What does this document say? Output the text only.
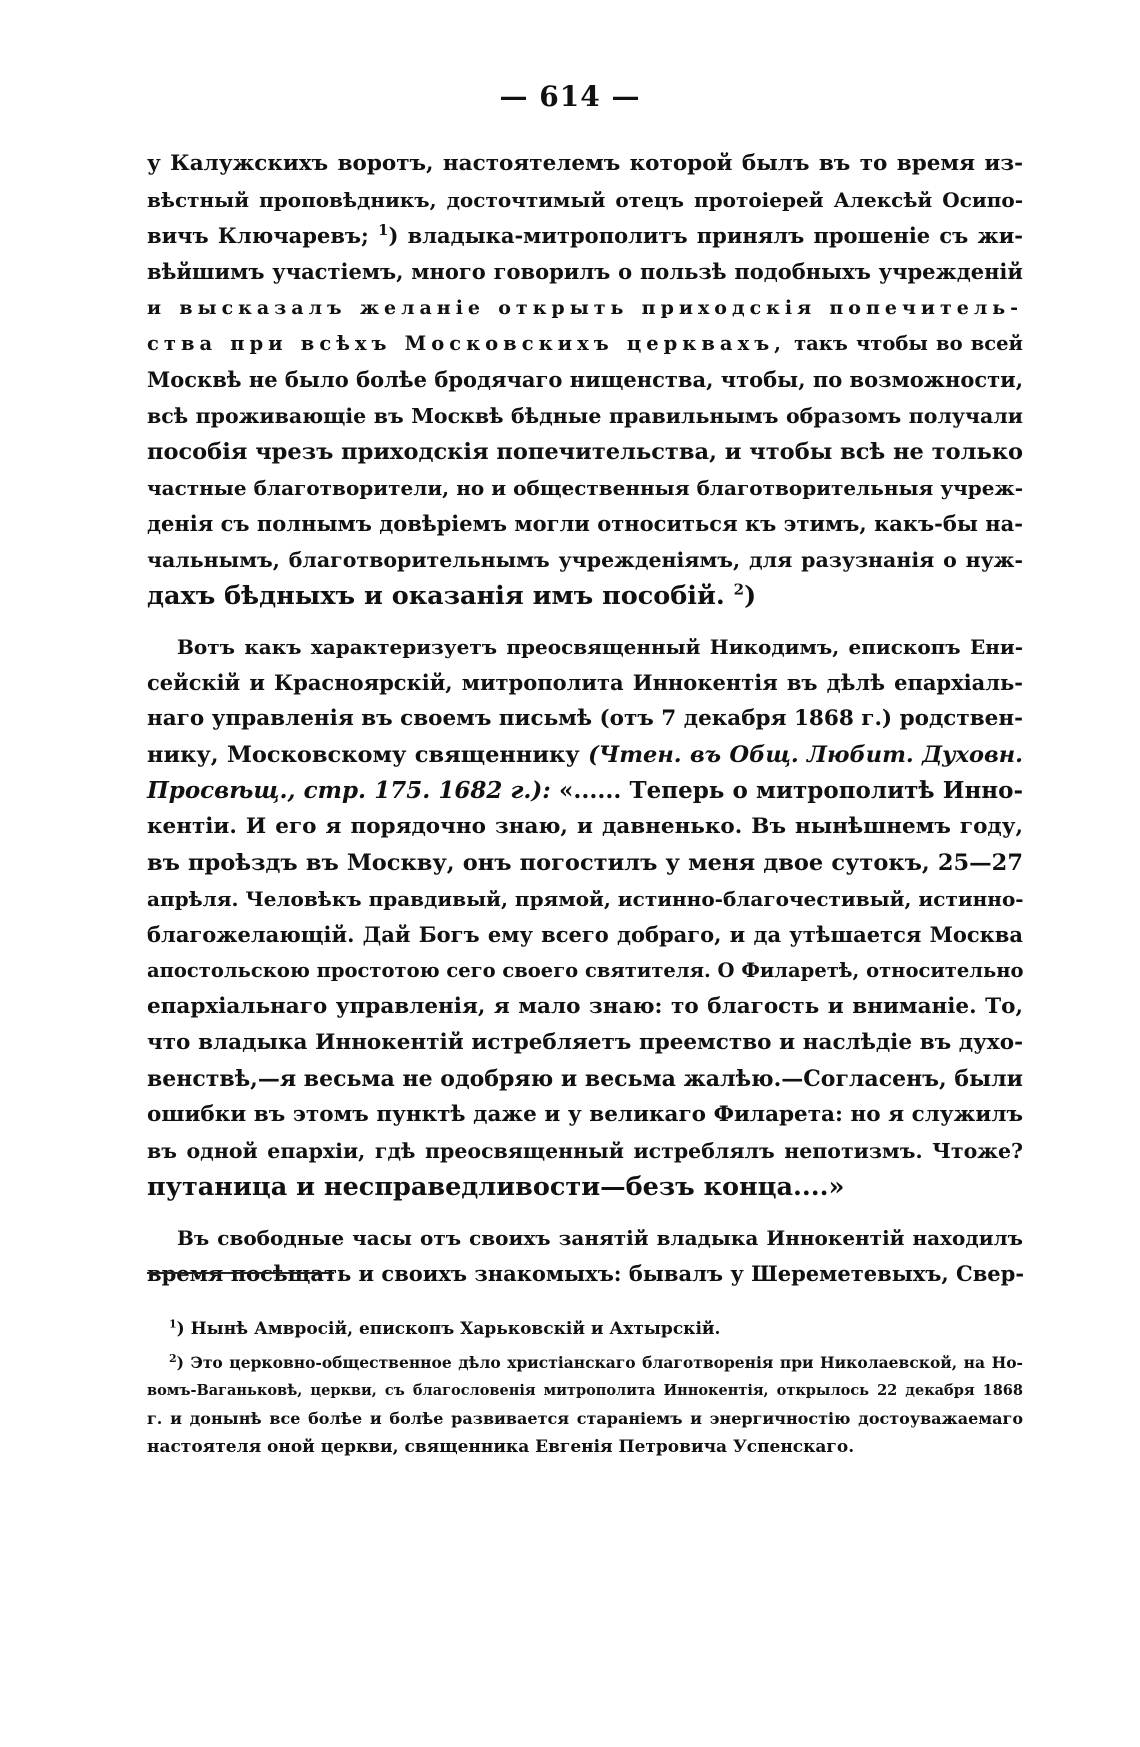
— 614 —
у Калужскихъ воротъ, настоятелемъ которой былъ въ то время из-
вѣстный проповѣдникъ, досточтимый отецъ протоіерей Алексѣй Осипо-
вичъ Ключаревъ; $^1$) владыка-митрополитъ принялъ прошеніе съ жи-
вѣйшимъ участіемъ, много говорилъ о пользѣ подобныхъ учрежденій
и высказалъ желаніе открыть приходскія попечитель-
ства при всѣхъ Московскихъ церквахъ, такъ чтобы во всей
Москвѣ не было болѣе бродячаго нищенства, чтобы, по возможности,
всѣ проживающіе въ Москвѣ бѣдные правильнымъ образомъ получали
пособія чрезъ приходскія попечительства, и чтобы всѣ не только
частные благотворители, но и общественныя благотворительныя учреж-
денія съ полнымъ довѣріемъ могли относиться къ этимъ, какъ-бы на-
чальнымъ, благотворительнымъ учрежденіямъ, для разузнанія о нуж-
дахъ бѣдныхъ и оказанія имъ пособій. $^2$)
Вотъ какъ характеризуетъ преосвященный Никодимъ, епископъ Ени-
сейскій и Красноярскій, митрополита Иннокентія въ дѣлѣ епархіаль-
наго управленія въ своемъ письмѣ (отъ 7 декабря 1868 г.) родствен-
нику, Московскому священнику (Чтен. въ Общ. Любит. Духовн.
Просвѣщ., стр. 175. 1682 г.): «...... Теперь о митрополитѣ Инно-
кентіи. И его я порядочно знаю, и давненько. Въ нынѣшнемъ году,
въ проѣздъ въ Москву, онъ погостилъ у меня двое сутокъ, 25—27
апрѣля. Человѣкъ правдивый, прямой, истинно-благочестивый, истинно-
благожелающій. Дай Богъ ему всего добраго, и да утѣшается Москва
апостольскою простотою сего своего святителя. О Филаретѣ, относительно
епархіальнаго управленія, я мало знаю: то благость и вниманіе. То,
что владыка Иннокентій истребляетъ преемство и наслѣдіе въ духо-
венствѣ,—я весьма не одобряю и весьма жалѣю.—Согласенъ, были
ошибки въ этомъ пунктѣ даже и у великаго Филарета: но я служилъ
въ одной епархіи, гдѣ преосвященный истреблялъ непотизмъ. Чтоже?
путаница и несправедливости—безъ конца....»
Въ свободные часы отъ своихъ занятій владыка Иннокентій находилъ
время посѣщать и своихъ знакомыхъ: бывалъ у Шереметевыхъ, Свер-
$^1$) Нынѣ Амвросій, епископъ Харьковскій и Ахтырскій.
$^2$) Это церковно-общественное дѣло христіанскаго благотворенія при Николаевской, на Но-
вомъ-Ваганьковѣ, церкви, съ благословенія митрополита Иннокентія, открылось 22 декабря 1868
г. и донынѣ все болѣе и болѣе развивается стараніемъ и энергичностію достоуважаемаго
настоятеля оной церкви, священника Евгенія Петровича Успенскаго.
